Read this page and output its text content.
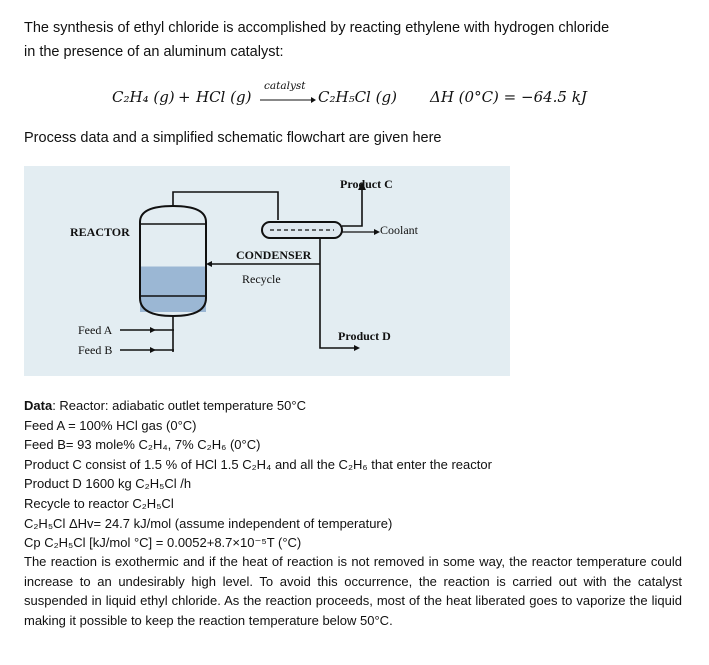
The synthesis of ethyl chloride is accomplished by reacting ethylene with hydrogen chloride
in the presence of an aluminum catalyst:
C₂H₄ (g) + HCl (g)
catalyst
→ C₂H₅Cl (g) ΔH (0°C) = −64.5 kJ
Process data and a simplified schematic flowchart are given here
REACTOR
CONDENSER
Recycle
Product C
Coolant
Product D
Feed A
Feed B
Data: Reactor: adiabatic outlet temperature 50°C
Feed A = 100% HCl gas (0°C)
Feed B= 93 mole% C₂H₄, 7% C₂H₆ (0°C)
Product C consist of 1.5 % of HCl 1.5 C₂H₄ and all the C₂H₆ that enter the reactor
Product D 1600 kg C₂H₅Cl /h
Recycle to reactor C₂H₅Cl
C₂H₅Cl ΔHv= 24.7 kJ/mol (assume independent of temperature)
Cp C₂H₅Cl [kJ/mol °C] = 0.0052+8.7×10⁻⁵T (°C)
The reaction is exothermic and if the heat of reaction is not removed in some way, the reactor temperature could increase to an undesirably high level. To avoid this occurrence, the reaction is carried out with the catalyst suspended in liquid ethyl chloride. As the reaction proceeds, most of the heat liberated goes to vaporize the liquid making it possible to keep the reaction temperature below 50°C.
